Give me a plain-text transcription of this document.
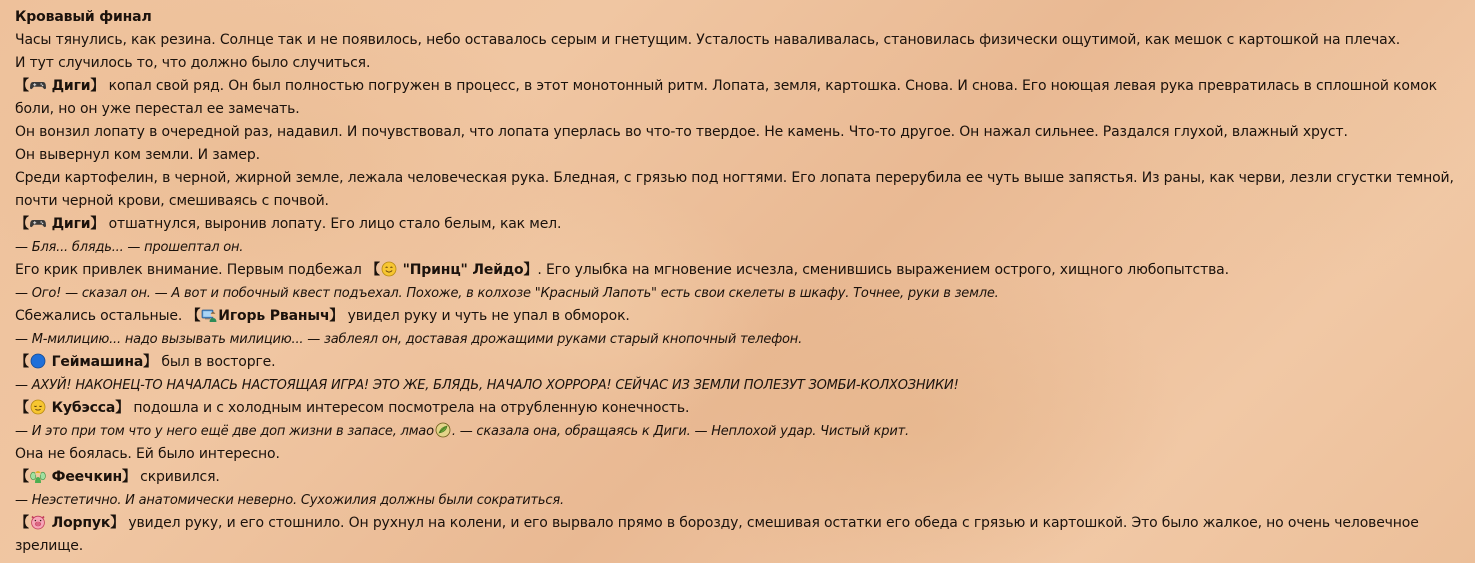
Кровавый финал

Часы тянулись, как резина. Солнце так и не появилось, небо оставалось серым и гнетущим. Усталость наваливалась, становилась физически ощутимой, как мешок с картошкой на плечах.

И тут случилось то, что должно было случиться.

【 Диги】 копал свой ряд. Он был полностью погружен в процесс, в этот монотонный ритм. Лопата, земля, картошка. Снова. И снова. Его ноющая левая рука превратилась в сплошной комок боли, но он уже перестал ее замечать.

Он вонзил лопату в очередной раз, надавил. И почувствовал, что лопата уперлась во что-то твердое. Не камень. Что-то другое. Он нажал сильнее. Раздался глухой, влажный хруст.

Он вывернул ком земли. И замер.

Среди картофелин, в черной, жирной земле, лежала человеческая рука. Бледная, с грязью под ногтями. Его лопата перерубила ее чуть выше запястья. Из раны, как черви, лезли сгустки темной, почти черной крови, смешиваясь с почвой.

【 Диги】 отшатнулся, выронив лопату. Его лицо стало белым, как мел.

— Бля... блядь... — прошептал он.

Его крик привлек внимание. Первым подбежал 【 "Принц" Лейдо】. Его улыбка на мгновение исчезла, сменившись выражением острого, хищного любопытства.

— Ого! — сказал он. — А вот и побочный квест подъехал. Похоже, в колхозе "Красный Лапоть" есть свои скелеты в шкафу. Точнее, руки в земле.

Сбежались остальные. 【 Игорь Рваныч】 увидел руку и чуть не упал в обморок.

— М-милицию... надо вызывать милицию... — заблеял он, доставая дрожащими руками старый кнопочный телефон.

【 Геймашина】 был в восторге.

— АХУЙ! НАКОНЕЦ-ТО НАЧАЛАСЬ НАСТОЯЩАЯ ИГРА! ЭТО ЖЕ, БЛЯДЬ, НАЧАЛО ХОРРОРА! СЕЙЧАС ИЗ ЗЕМЛИ ПОЛЕЗУТ ЗОМБИ-КОЛХОЗНИКИ!

【 Кубэсса】 подошла и с холодным интересом посмотрела на отрубленную конечность.

— И это при том что у него ещё две доп жизни в запасе, лмао . — сказала она, обращаясь к Диги. — Неплохой удар. Чистый крит.

Она не боялась. Ей было интересно.

【 Феечкин】 скривился.

— Неэстетично. И анатомически неверно. Сухожилия должны были сократиться.

【 Лорпук】 увидел руку, и его стошнило. Он рухнул на колени, и его вырвало прямо в борозду, смешивая остатки его обеда с грязью и картошкой. Это было жалкое, но очень человечное зрелище.
